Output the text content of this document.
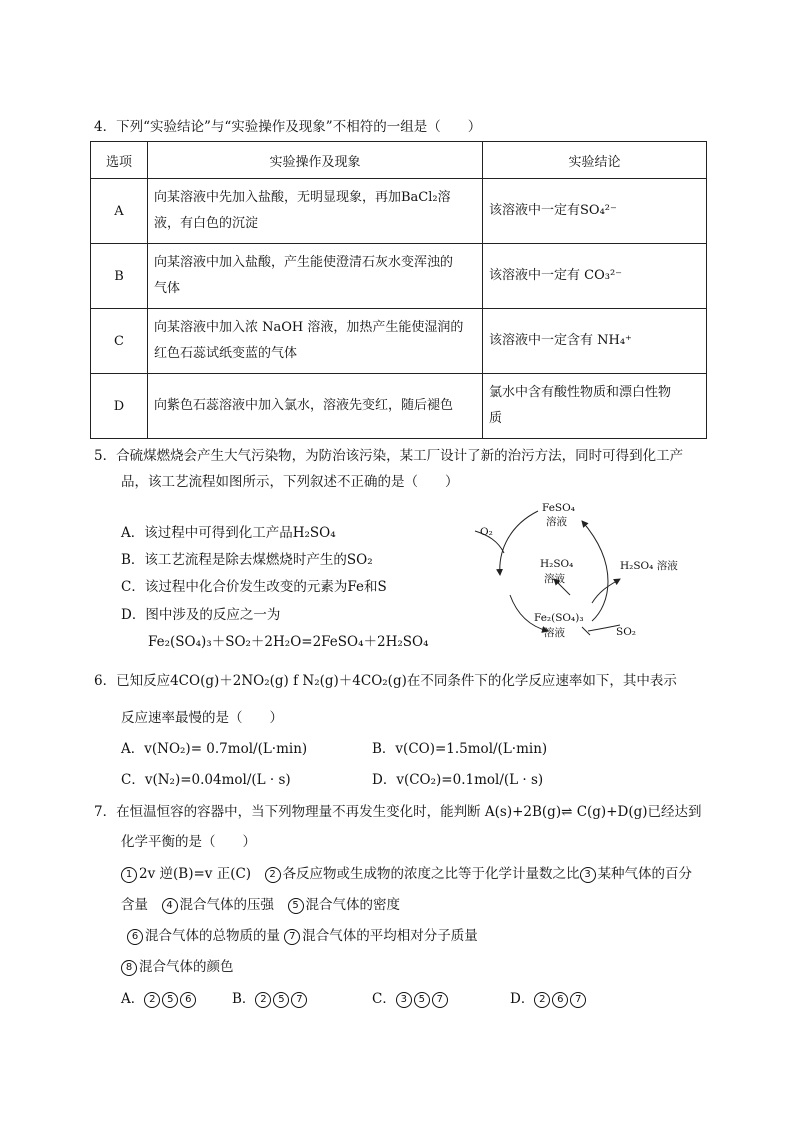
4．下列“实验结论”与“实验操作及现象”不相符的一组是（　　）
选项	实验操作及现象	实验结论
A	向某溶液中先加入盐酸，无明显现象，再加BaCl₂溶
液，有白色的沉淀	该溶液中一定有SO₄²⁻

B	向某溶液中加入盐酸，产生能使澄清石灰水变浑浊的
气体	该溶液中一定有 CO₃²⁻

C	向某溶液中加入浓 NaOH 溶液，加热产生能使湿润的
红色石蕊试纸变蓝的气体	该溶液中一定含有 NH₄⁺

D	向紫色石蕊溶液中加入氯水，溶液先变红，随后褪色	氯水中含有酸性物质和漂白性物
质
5．合硫煤燃烧会产生大气污染物，为防治该污染，某工厂设计了新的治污方法，同时可得到化工产
品，该工艺流程如图所示，下列叙述不正确的是（　　）
A．该过程中可得到化工产品H₂SO₄
B．该工艺流程是除去煤燃烧时产生的SO₂
C．该过程中化合价发生改变的元素为Fe和S
D．图中涉及的反应之一为
Fe₂(SO₄)₃＋SO₂＋2H₂O=2FeSO₄＋2H₂SO₄
O₂
FeSO₄
溶液
H₂SO₄
溶液
H₂SO₄ 溶液
Fe₂(SO₄)₃
溶液	SO₂
6．已知反应4CO(g)＋2NO₂(g) f N₂(g)＋4CO₂(g)在不同条件下的化学反应速率如下，其中表示
反应速率最慢的是（　　）
A．v(NO₂)= 0.7mol/(L·min)	B．v(CO)=1.5mol/(L·min)
C．v(N₂)=0.04mol/(L · s)	D．v(CO₂)=0.1mol/(L · s)
7．在恒温恒容的容器中，当下列物理量不再发生变化时，能判断 A(s)+2B(g)⇌ C(g)+D(g)已经达到
化学平衡的是（　　）
1 2v 逆(B)=v 正(C)　2 各反应物或生成物的浓度之比等于化学计量数之比 3 某种气体的百分
含量　4 混合气体的压强　5 混合气体的密度
6 混合气体的总物质的量 7 混合气体的平均相对分子质量
8 混合气体的颜色
A． 2 5 6	B． 2 5 7	C． 3 5 7	D． 2 6 7
